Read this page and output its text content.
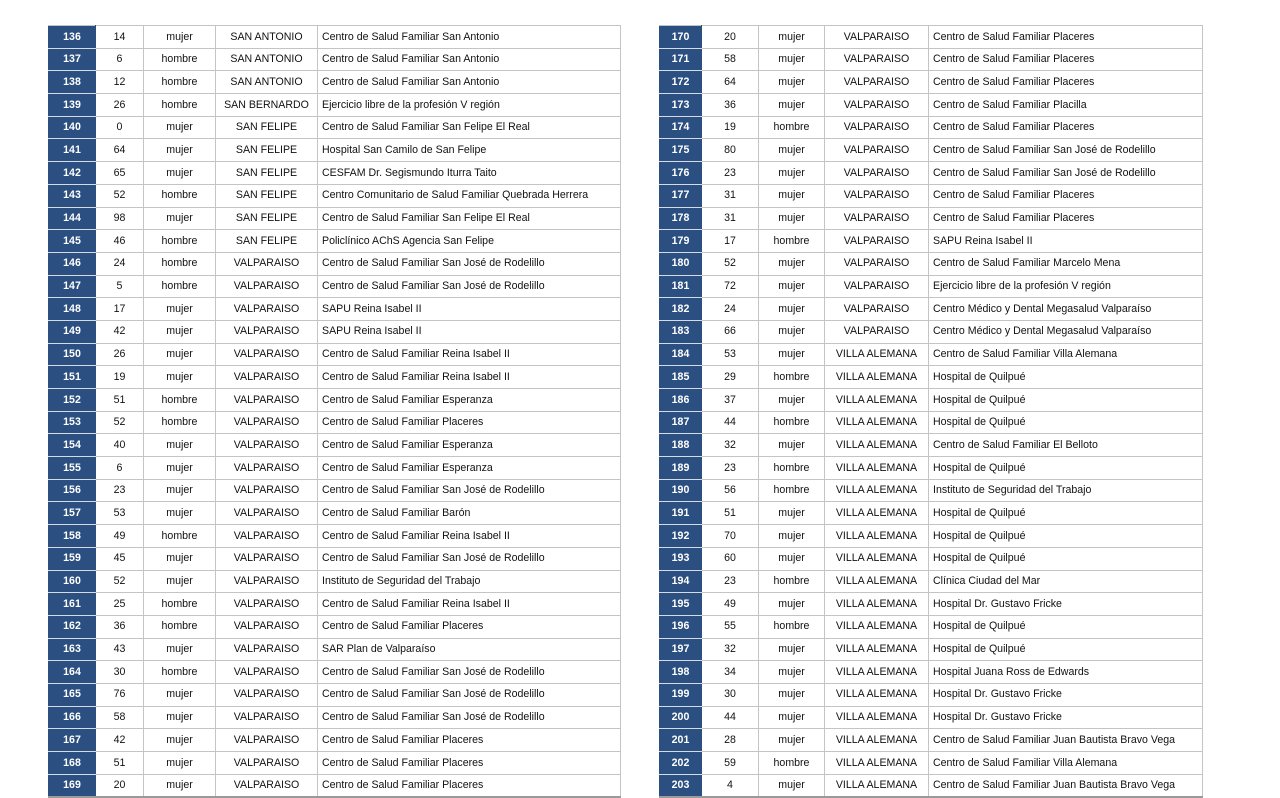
136	14	mujer	SAN ANTONIO	Centro de Salud Familiar San Antonio
137	6	hombre	SAN ANTONIO	Centro de Salud Familiar San Antonio
138	12	hombre	SAN ANTONIO	Centro de Salud Familiar San Antonio
139	26	hombre	SAN BERNARDO	Ejercicio libre de la profesión V región
140	0	mujer	SAN FELIPE	Centro de Salud Familiar San Felipe El Real
141	64	mujer	SAN FELIPE	Hospital San Camilo de San Felipe
142	65	mujer	SAN FELIPE	CESFAM Dr. Segismundo Iturra Taito
143	52	hombre	SAN FELIPE	Centro Comunitario de Salud Familiar Quebrada Herrera
144	98	mujer	SAN FELIPE	Centro de Salud Familiar San Felipe El Real
145	46	hombre	SAN FELIPE	Policlínico AChS Agencia San Felipe
146	24	hombre	VALPARAISO	Centro de Salud Familiar San José de Rodelillo
147	5	hombre	VALPARAISO	Centro de Salud Familiar San José de Rodelillo
148	17	mujer	VALPARAISO	SAPU Reina Isabel II
149	42	mujer	VALPARAISO	SAPU Reina Isabel II
150	26	mujer	VALPARAISO	Centro de Salud Familiar Reina Isabel II
151	19	mujer	VALPARAISO	Centro de Salud Familiar Reina Isabel II
152	51	hombre	VALPARAISO	Centro de Salud Familiar Esperanza
153	52	hombre	VALPARAISO	Centro de Salud Familiar Placeres
154	40	mujer	VALPARAISO	Centro de Salud Familiar Esperanza
155	6	mujer	VALPARAISO	Centro de Salud Familiar Esperanza
156	23	mujer	VALPARAISO	Centro de Salud Familiar San José de Rodelillo
157	53	mujer	VALPARAISO	Centro de Salud Familiar Barón
158	49	hombre	VALPARAISO	Centro de Salud Familiar Reina Isabel II
159	45	mujer	VALPARAISO	Centro de Salud Familiar San José de Rodelillo
160	52	mujer	VALPARAISO	Instituto de Seguridad del Trabajo
161	25	hombre	VALPARAISO	Centro de Salud Familiar Reina Isabel II
162	36	hombre	VALPARAISO	Centro de Salud Familiar Placeres
163	43	mujer	VALPARAISO	SAR Plan de Valparaíso
164	30	hombre	VALPARAISO	Centro de Salud Familiar San José de Rodelillo
165	76	mujer	VALPARAISO	Centro de Salud Familiar San José de Rodelillo
166	58	mujer	VALPARAISO	Centro de Salud Familiar San José de Rodelillo
167	42	mujer	VALPARAISO	Centro de Salud Familiar Placeres
168	51	mujer	VALPARAISO	Centro de Salud Familiar Placeres
169	20	mujer	VALPARAISO	Centro de Salud Familiar Placeres
170	20	mujer	VALPARAISO	Centro de Salud Familiar Placeres
171	58	mujer	VALPARAISO	Centro de Salud Familiar Placeres
172	64	mujer	VALPARAISO	Centro de Salud Familiar Placeres
173	36	mujer	VALPARAISO	Centro de Salud Familiar Placilla
174	19	hombre	VALPARAISO	Centro de Salud Familiar Placeres
175	80	mujer	VALPARAISO	Centro de Salud Familiar San José de Rodelillo
176	23	mujer	VALPARAISO	Centro de Salud Familiar San José de Rodelillo
177	31	mujer	VALPARAISO	Centro de Salud Familiar Placeres
178	31	mujer	VALPARAISO	Centro de Salud Familiar Placeres
179	17	hombre	VALPARAISO	SAPU Reina Isabel II
180	52	mujer	VALPARAISO	Centro de Salud Familiar Marcelo Mena
181	72	mujer	VALPARAISO	Ejercicio libre de la profesión V región
182	24	mujer	VALPARAISO	Centro Médico y Dental Megasalud Valparaíso
183	66	mujer	VALPARAISO	Centro Médico y Dental Megasalud Valparaíso
184	53	mujer	VILLA ALEMANA	Centro de Salud Familiar Villa Alemana
185	29	hombre	VILLA ALEMANA	Hospital de Quilpué
186	37	mujer	VILLA ALEMANA	Hospital de Quilpué
187	44	hombre	VILLA ALEMANA	Hospital de Quilpué
188	32	mujer	VILLA ALEMANA	Centro de Salud Familiar El Belloto
189	23	hombre	VILLA ALEMANA	Hospital de Quilpué
190	56	hombre	VILLA ALEMANA	Instituto de Seguridad del Trabajo
191	51	mujer	VILLA ALEMANA	Hospital de Quilpué
192	70	mujer	VILLA ALEMANA	Hospital de Quilpué
193	60	mujer	VILLA ALEMANA	Hospital de Quilpué
194	23	hombre	VILLA ALEMANA	Clínica Ciudad del Mar
195	49	mujer	VILLA ALEMANA	Hospital Dr. Gustavo Fricke
196	55	hombre	VILLA ALEMANA	Hospital de Quilpué
197	32	mujer	VILLA ALEMANA	Hospital de Quilpué
198	34	mujer	VILLA ALEMANA	Hospital Juana Ross de Edwards
199	30	mujer	VILLA ALEMANA	Hospital Dr. Gustavo Fricke
200	44	mujer	VILLA ALEMANA	Hospital Dr. Gustavo Fricke
201	28	mujer	VILLA ALEMANA	Centro de Salud Familiar Juan Bautista Bravo Vega
202	59	hombre	VILLA ALEMANA	Centro de Salud Familiar Villa Alemana
203	4	mujer	VILLA ALEMANA	Centro de Salud Familiar Juan Bautista Bravo Vega
